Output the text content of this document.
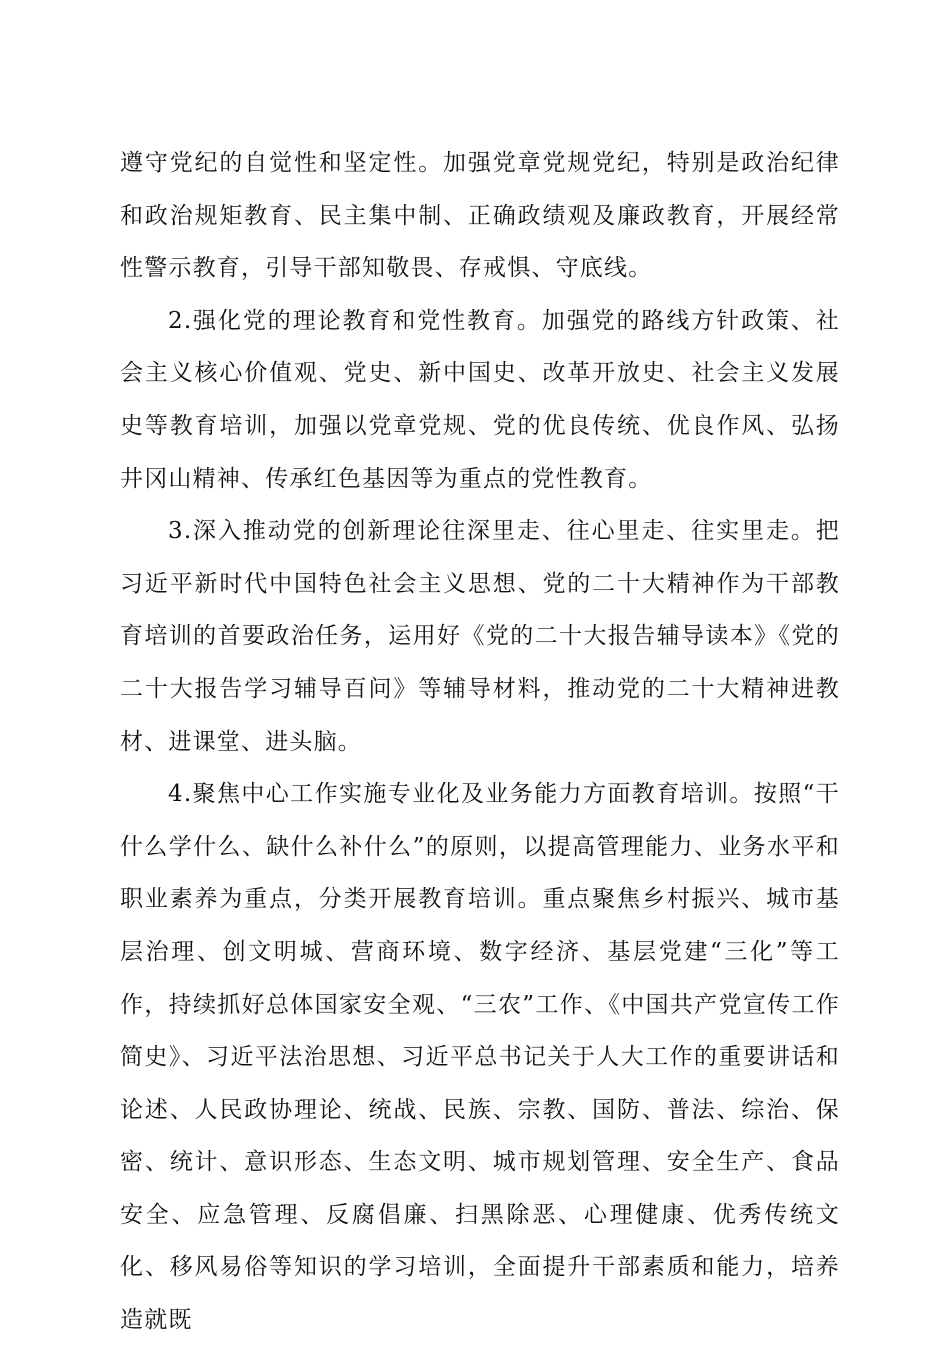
遵守党纪的自觉性和坚定性。加强党章党规党纪，特别是政治纪律和政治规矩教育、民主集中制、正确政绩观及廉政教育，开展经常性警示教育，引导干部知敬畏、存戒惧、守底线。

2.强化党的理论教育和党性教育。加强党的路线方针政策、社会主义核心价值观、党史、新中国史、改革开放史、社会主义发展史等教育培训，加强以党章党规、党的优良传统、优良作风、弘扬井冈山精神、传承红色基因等为重点的党性教育。

3.深入推动党的创新理论往深里走、往心里走、往实里走。把习近平新时代中国特色社会主义思想、党的二十大精神作为干部教育培训的首要政治任务，运用好《党的二十大报告辅导读本》《党的二十大报告学习辅导百问》等辅导材料，推动党的二十大精神进教材、进课堂、进头脑。

4.聚焦中心工作实施专业化及业务能力方面教育培训。按照“干什么学什么、缺什么补什么”的原则，以提高管理能力、业务水平和职业素养为重点，分类开展教育培训。重点聚焦乡村振兴、城市基层治理、创文明城、营商环境、数字经济、基层党建“三化”等工作，持续抓好总体国家安全观、“三农”工作、《中国共产党宣传工作简史》、习近平法治思想、习近平总书记关于人大工作的重要讲话和论述、人民政协理论、统战、民族、宗教、国防、普法、综治、保密、统计、意识形态、生态文明、城市规划管理、安全生产、食品安全、应急管理、反腐倡廉、扫黑除恶、心理健康、优秀传统文化、移风易俗等知识的学习培训，全面提升干部素质和能力，培养造就既
